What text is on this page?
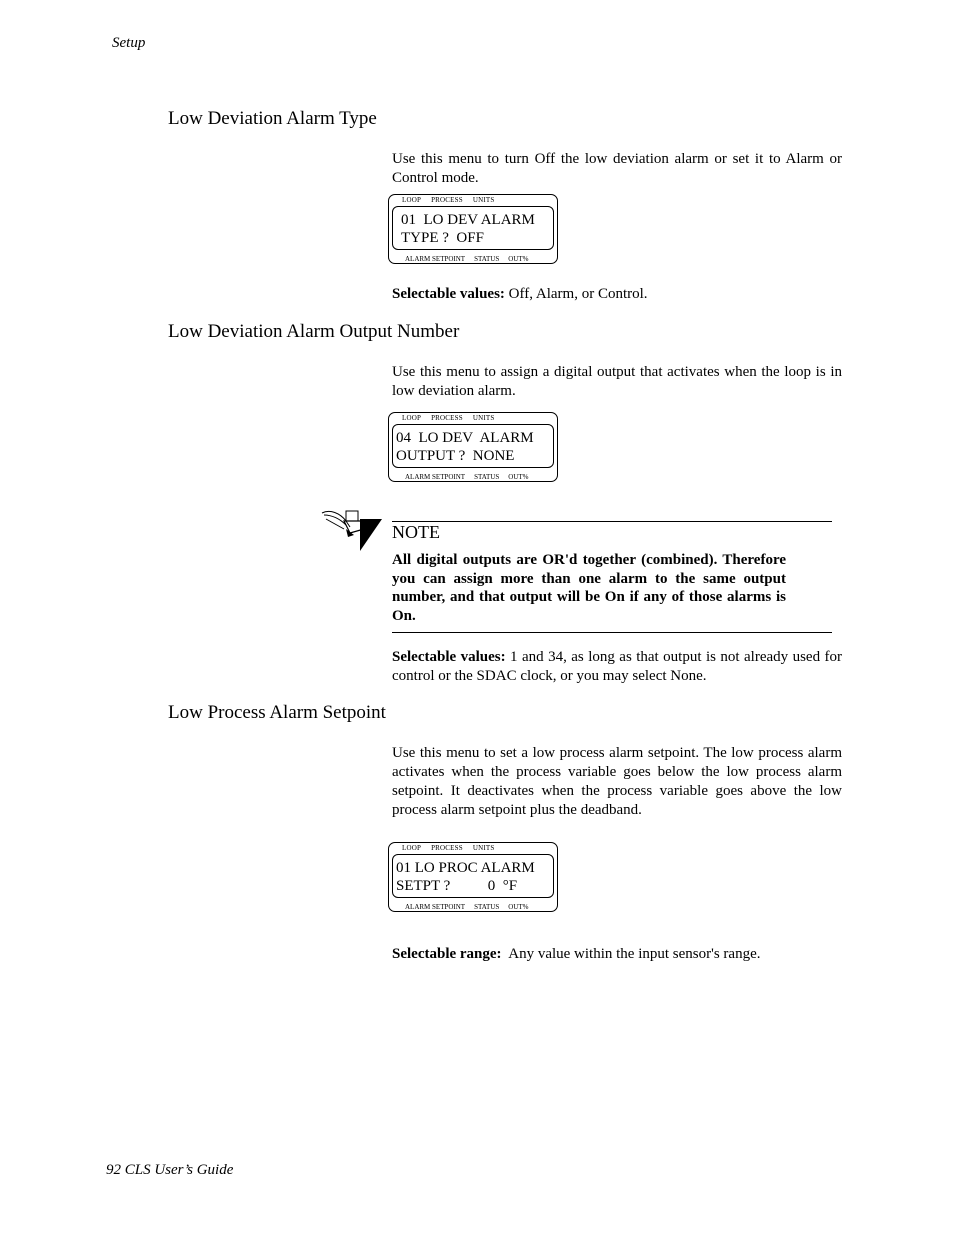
Setup
Low Deviation Alarm Type
Use this menu to turn Off the low deviation alarm or set it to Alarm or Control mode.
LOOP PROCESS UNITS
01  LO DEV ALARM
TYPE ?  OFF
ALARM SETPOINT STATUS OUT%
Selectable values: Off, Alarm, or Control.
Low Deviation Alarm Output Number
Use this menu to assign a digital output that activates when the loop is in low deviation alarm.
LOOP PROCESS UNITS
04  LO DEV  ALARM
OUTPUT ?  NONE
ALARM SETPOINT STATUS OUT%
NOTE
All digital outputs are OR'd together (combined). Therefore you can assign more than one alarm to the same output number, and that output will be On if any of those alarms is On.
Selectable values: 1 and 34, as long as that output is not already used for control or the SDAC clock, or you may select None.
Low Process Alarm Setpoint
Use this menu to set a low process alarm setpoint. The low process alarm activates when the process variable goes below the low process alarm setpoint. It deactivates when the process variable goes above the low process alarm setpoint plus the deadband.
LOOP PROCESS UNITS
01 LO PROC ALARM
SETPT ?          0  °F
ALARM SETPOINT STATUS OUT%
Selectable range:  Any value within the input sensor's range.
92 CLS User’s Guide
